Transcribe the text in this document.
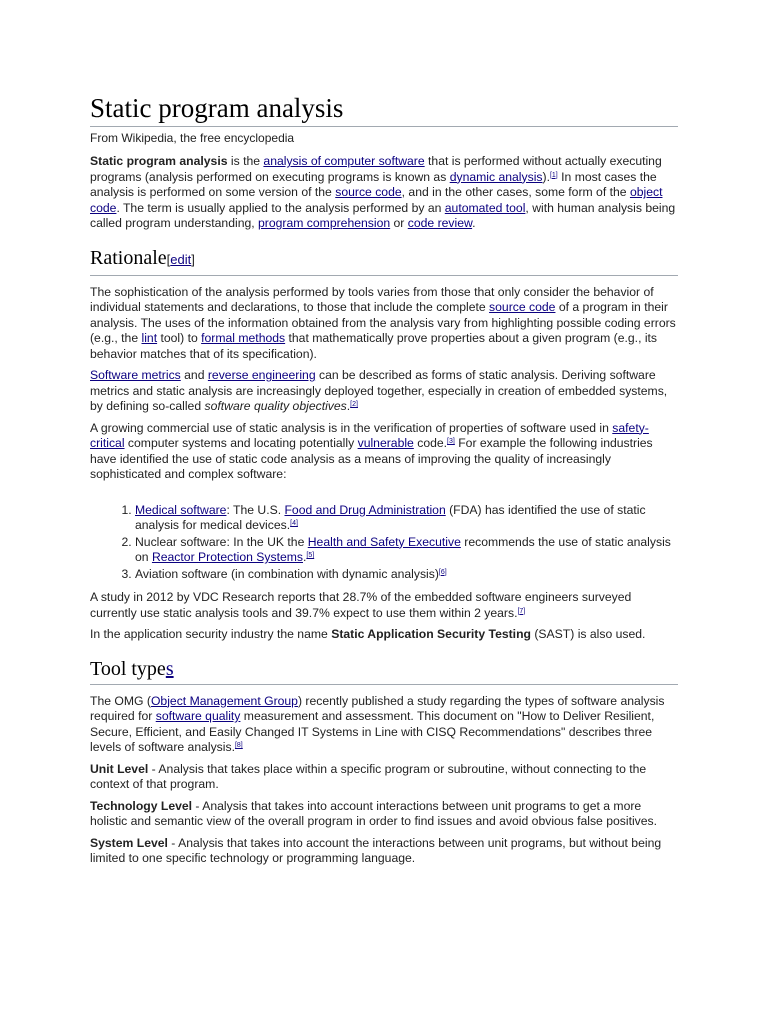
Static program analysis
From Wikipedia, the free encyclopedia

Static program analysis is the analysis of computer software that is performed without actually executing programs (analysis performed on executing programs is known as dynamic analysis).[1] In most cases the analysis is performed on some version of the source code, and in the other cases, some form of the object code. The term is usually applied to the analysis performed by an automated tool, with human analysis being called program understanding, program comprehension or code review.

Rationale[edit]

The sophistication of the analysis performed by tools varies from those that only consider the behavior of individual statements and declarations, to those that include the complete source code of a program in their analysis. The uses of the information obtained from the analysis vary from highlighting possible coding errors (e.g., the lint tool) to formal methods that mathematically prove properties about a given program (e.g., its behavior matches that of its specification).

Software metrics and reverse engineering can be described as forms of static analysis. Deriving software metrics and static analysis are increasingly deployed together, especially in creation of embedded systems, by defining so-called software quality objectives.[2]

A growing commercial use of static analysis is in the verification of properties of software used in safety-critical computer systems and locating potentially vulnerable code.[3] For example the following industries have identified the use of static code analysis as a means of improving the quality of increasingly sophisticated and complex software:

1. Medical software: The U.S. Food and Drug Administration (FDA) has identified the use of static analysis for medical devices.[4]
2. Nuclear software: In the UK the Health and Safety Executive recommends the use of static analysis on Reactor Protection Systems.[5]
3. Aviation software (in combination with dynamic analysis)[6]

A study in 2012 by VDC Research reports that 28.7% of the embedded software engineers surveyed currently use static analysis tools and 39.7% expect to use them within 2 years.[7]

In the application security industry the name Static Application Security Testing (SAST) is also used.

Tool types

The OMG (Object Management Group) recently published a study regarding the types of software analysis required for software quality measurement and assessment. This document on "How to Deliver Resilient, Secure, Efficient, and Easily Changed IT Systems in Line with CISQ Recommendations" describes three levels of software analysis.[8]

Unit Level - Analysis that takes place within a specific program or subroutine, without connecting to the context of that program.

Technology Level - Analysis that takes into account interactions between unit programs to get a more holistic and semantic view of the overall program in order to find issues and avoid obvious false positives.

System Level - Analysis that takes into account the interactions between unit programs, but without being limited to one specific technology or programming language.
